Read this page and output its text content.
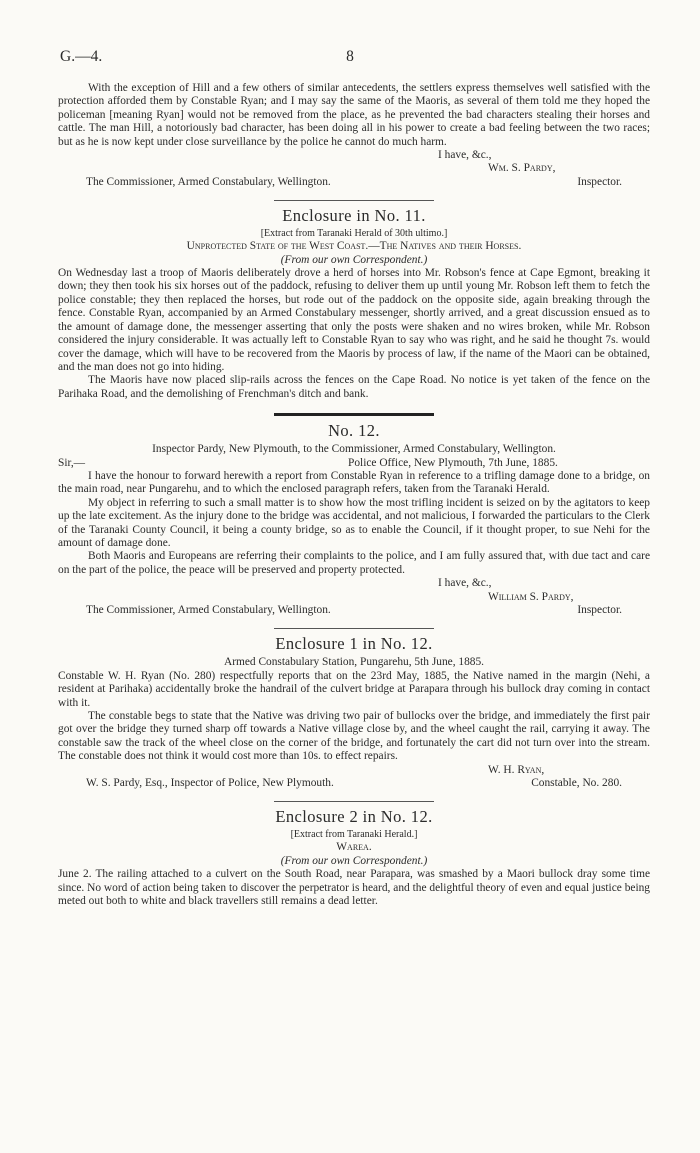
G.—4.	8

With the exception of Hill and a few others of similar antecedents, the settlers express themselves well satisfied with the protection afforded them by Constable Ryan; and I may say the same of the Maoris, as several of them told me they hoped the policeman [meaning Ryan] would not be removed from the place, as he prevented the bad characters stealing their horses and cattle. The man Hill, a notoriously bad character, has been doing all in his power to create a bad feeling between the two races; but as he is now kept under close surveillance by the police he cannot do much harm.

I have, &c.,

Wm. S. Pardy,

The Commissioner, Armed Constabulary, Wellington.	Inspector.
Enclosure in No. 11.
[Extract from Taranaki Herald of 30th ultimo.]

Unprotected State of the West Coast.—The Natives and their Horses.

(From our own Correspondent.)

On Wednesday last a troop of Maoris deliberately drove a herd of horses into Mr. Robson's fence at Cape Egmont, breaking it down; they then took his six horses out of the paddock, refusing to deliver them up until young Mr. Robson left them to fetch the police constable; they then replaced the horses, but rode out of the paddock on the opposite side, again breaking through the fence. Constable Ryan, accompanied by an Armed Constabulary messenger, shortly arrived, and a great discussion ensued as to the amount of damage done, the messenger asserting that only the posts were shaken and no wires broken, while Mr. Robson considered the injury considerable. It was actually left to Constable Ryan to say who was right, and he said he thought 7s. would cover the damage, which will have to be recovered from the Maoris by process of law, if the name of the Maori can be obtained, and the man does not go into hiding.

The Maoris have now placed slip-rails across the fences on the Cape Road. No notice is yet taken of the fence on the Parihaka Road, and the demolishing of Frenchman's ditch and bank.

No. 12.

Inspector Pardy, New Plymouth, to the Commissioner, Armed Constabulary, Wellington.

Sir,—	Police Office, New Plymouth, 7th June, 1885.

I have the honour to forward herewith a report from Constable Ryan in reference to a trifling damage done to a bridge, on the main road, near Pungarehu, and to which the enclosed paragraph refers, taken from the Taranaki Herald.

My object in referring to such a small matter is to show how the most trifling incident is seized on by the agitators to keep up the late excitement. As the injury done to the bridge was accidental, and not malicious, I forwarded the particulars to the Clerk of the Taranaki County Council, it being a county bridge, so as to enable the Council, if it thought proper, to sue Nehi for the amount of damage done.

Both Maoris and Europeans are referring their complaints to the police, and I am fully assured that, with due tact and care on the part of the police, the peace will be preserved and property protected.

I have, &c.,

William S. Pardy,

The Commissioner, Armed Constabulary, Wellington.	Inspector.
Enclosure 1 in No. 12.

Armed Constabulary Station, Pungarehu, 5th June, 1885.

Constable W. H. Ryan (No. 280) respectfully reports that on the 23rd May, 1885, the Native named in the margin (Nehi, a resident at Parihaka) accidentally broke the handrail of the culvert bridge at Parapara through his bullock dray coming in contact with it.

The constable begs to state that the Native was driving two pair of bullocks over the bridge, and immediately the first pair got over the bridge they turned sharp off towards a Native village close by, and the wheel caught the rail, carrying it away. The constable saw the track of the wheel close on the corner of the bridge, and fortunately the cart did not turn over into the stream. The constable does not think it would cost more than 10s. to effect repairs.

W. H. Ryan,

W. S. Pardy, Esq., Inspector of Police, New Plymouth.	Constable, No. 280.
Enclosure 2 in No. 12.
[Extract from Taranaki Herald.]

Warea.

(From our own Correspondent.)

June 2. The railing attached to a culvert on the South Road, near Parapara, was smashed by a Maori bullock dray some time since. No word of action being taken to discover the perpetrator is heard, and the delightful theory of even and equal justice being meted out both to white and black travellers still remains a dead letter.
